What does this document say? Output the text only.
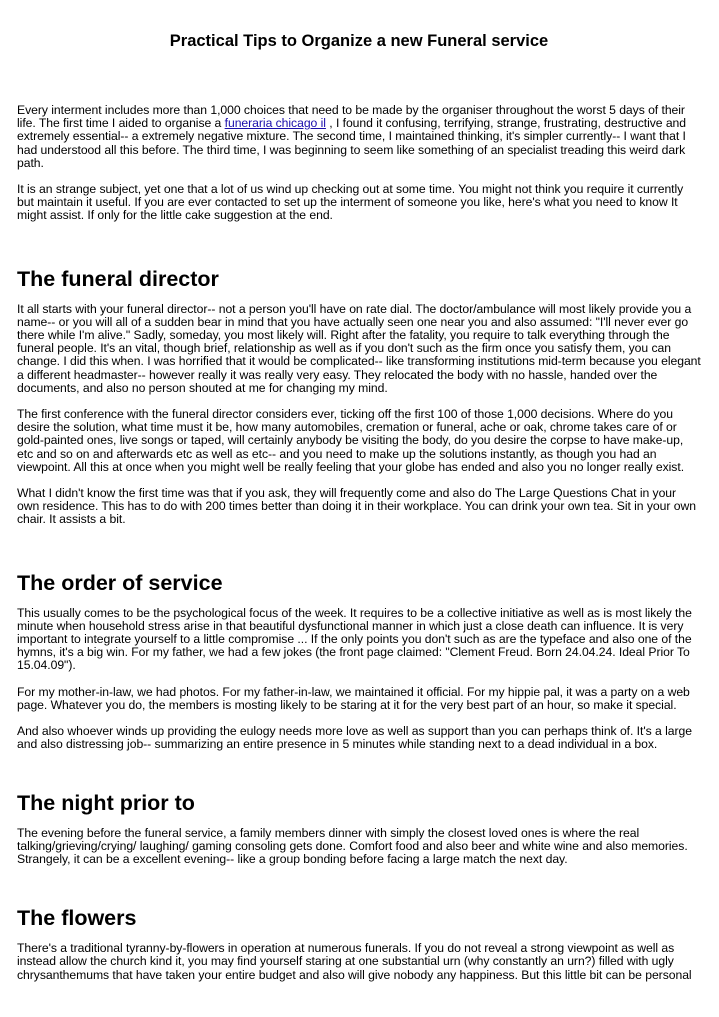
Practical Tips to Organize a new Funeral service

Every interment includes more than 1,000 choices that need to be made by the organiser throughout the worst 5 days of their life. The first time I aided to organise a funeraria chicago il , I found it confusing, terrifying, strange, frustrating, destructive and extremely essential-- a extremely negative mixture. The second time, I maintained thinking, it's simpler currently-- I want that I had understood all this before. The third time, I was beginning to seem like something of an specialist treading this weird dark path.

It is an strange subject, yet one that a lot of us wind up checking out at some time. You might not think you require it currently but maintain it useful. If you are ever contacted to set up the interment of someone you like, here's what you need to know It might assist. If only for the little cake suggestion at the end.

The funeral director

It all starts with your funeral director-- not a person you'll have on rate dial. The doctor/ambulance will most likely provide you a name-- or you will all of a sudden bear in mind that you have actually seen one near you and also assumed: "I'll never ever go there while I'm alive." Sadly, someday, you most likely will. Right after the fatality, you require to talk everything through the funeral people. It's an vital, though brief, relationship as well as if you don't such as the firm once you satisfy them, you can change. I did this when. I was horrified that it would be complicated-- like transforming institutions mid-term because you elegant a different headmaster-- however really it was really very easy. They relocated the body with no hassle, handed over the documents, and also no person shouted at me for changing my mind.

The first conference with the funeral director considers ever, ticking off the first 100 of those 1,000 decisions. Where do you desire the solution, what time must it be, how many automobiles, cremation or funeral, ache or oak, chrome takes care of or gold-painted ones, live songs or taped, will certainly anybody be visiting the body, do you desire the corpse to have make-up, etc and so on and afterwards etc as well as etc-- and you need to make up the solutions instantly, as though you had an viewpoint. All this at once when you might well be really feeling that your globe has ended and also you no longer really exist.

What I didn't know the first time was that if you ask, they will frequently come and also do The Large Questions Chat in your own residence. This has to do with 200 times better than doing it in their workplace. You can drink your own tea. Sit in your own chair. It assists a bit.

The order of service

This usually comes to be the psychological focus of the week. It requires to be a collective initiative as well as is most likely the minute when household stress arise in that beautiful dysfunctional manner in which just a close death can influence. It is very important to integrate yourself to a little compromise ... If the only points you don't such as are the typeface and also one of the hymns, it's a big win. For my father, we had a few jokes (the front page claimed: "Clement Freud. Born 24.04.24. Ideal Prior To 15.04.09").

For my mother-in-law, we had photos. For my father-in-law, we maintained it official. For my hippie pal, it was a party on a web page. Whatever you do, the members is mosting likely to be staring at it for the very best part of an hour, so make it special.

And also whoever winds up providing the eulogy needs more love as well as support than you can perhaps think of. It's a large and also distressing job-- summarizing an entire presence in 5 minutes while standing next to a dead individual in a box.

The night prior to

The evening before the funeral service, a family members dinner with simply the closest loved ones is where the real talking/grieving/crying/ laughing/ gaming consoling gets done. Comfort food and also beer and white wine and also memories. Strangely, it can be a excellent evening-- like a group bonding before facing a large match the next day.

The flowers

There's a traditional tyranny-by-flowers in operation at numerous funerals. If you do not reveal a strong viewpoint as well as instead allow the church kind it, you may find yourself staring at one substantial urn (why constantly an urn?) filled with ugly chrysanthemums that have taken your entire budget and also will give nobody any happiness. But this little bit can be personal
